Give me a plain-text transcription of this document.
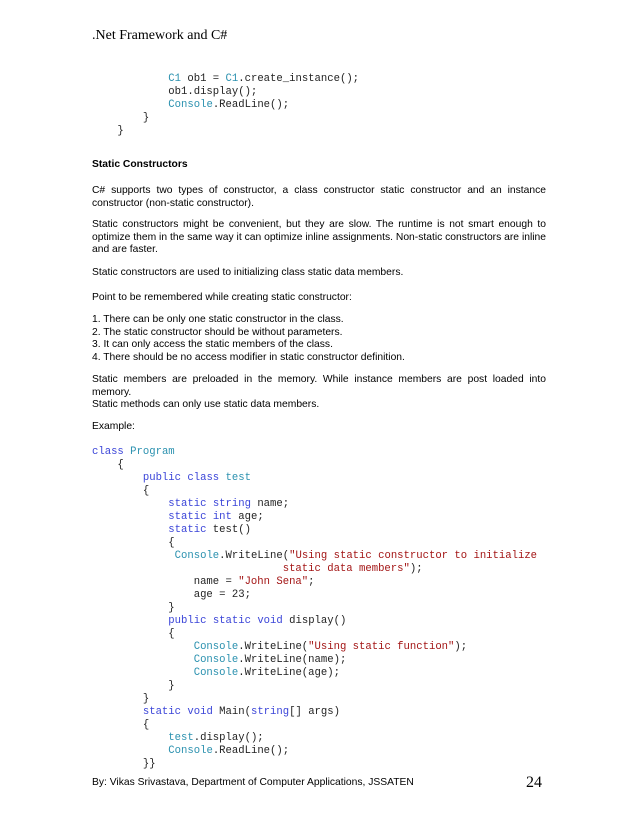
.Net Framework and C#
C1 ob1 = C1.create_instance();
ob1.display();
Console.ReadLine();
}
}

Static Constructors

C# supports two types of constructor, a class constructor static constructor and an instance constructor (non-static constructor).

Static constructors might be convenient, but they are slow. The runtime is not smart enough to optimize them in the same way it can optimize inline assignments. Non-static constructors are inline and are faster.

Static constructors are used to initializing class static data members.

Point to be remembered while creating static constructor:

1. There can be only one static constructor in the class.

2. The static constructor should be without parameters.

3. It can only access the static members of the class.

4. There should be no access modifier in static constructor definition.

Static members are preloaded in the memory. While instance members are post loaded into memory.

Static methods can only use static data members.

Example:

class Program
{
public class test
{
static string name;
static int age;
static test()
{
Console.WriteLine("Using static constructor to initialize
static data members");
name = "John Sena";
age = 23;
}
public static void display()
{
Console.WriteLine("Using static function");
Console.WriteLine(name);
Console.WriteLine(age);
}
}
static void Main(string[] args)
{
test.display();
Console.ReadLine();
}}
By: Vikas Srivastava, Department of Computer Applications, JSSATEN	24
